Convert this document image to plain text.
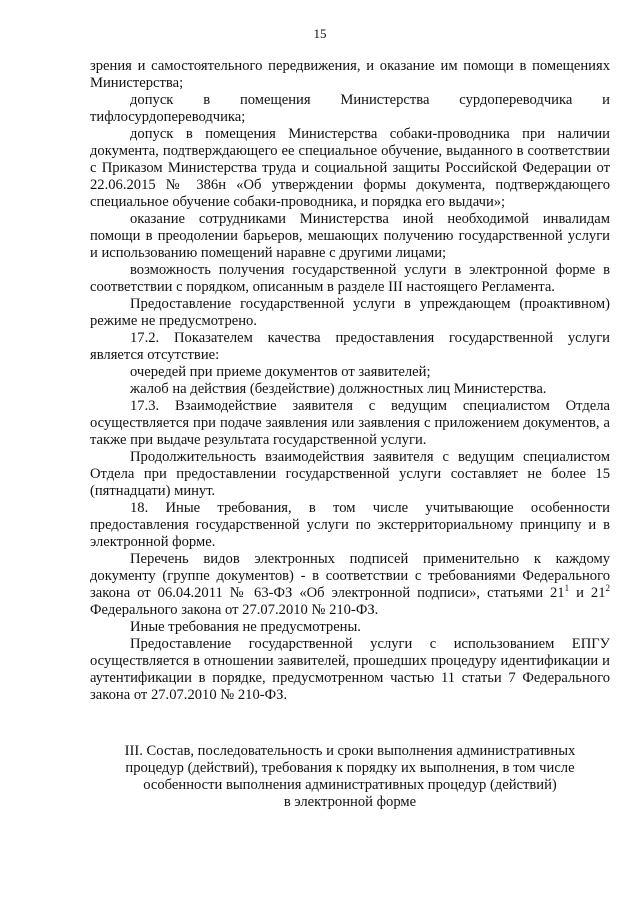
15

зрения и самостоятельного передвижения, и оказание им помощи в помещениях Министерства;

допуск в помещения Министерства сурдопереводчика и тифлосурдопереводчика;

допуск в помещения Министерства собаки-проводника при наличии документа, подтверждающего ее специальное обучение, выданного в соответствии с Приказом Министерства труда и социальной защиты Российской Федерации от 22.06.2015 № 386н «Об утверждении формы документа, подтверждающего специальное обучение собаки-проводника, и порядка его выдачи»;

оказание сотрудниками Министерства иной необходимой инвалидам помощи в преодолении барьеров, мешающих получению государственной услуги и использованию помещений наравне с другими лицами;

возможность получения государственной услуги в электронной форме в соответствии с порядком, описанным в разделе III настоящего Регламента.

Предоставление государственной услуги в упреждающем (проактивном) режиме не предусмотрено.

17.2. Показателем качества предоставления государственной услуги является отсутствие:

очередей при приеме документов от заявителей;

жалоб на действия (бездействие) должностных лиц Министерства.

17.3. Взаимодействие заявителя с ведущим специалистом Отдела осуществляется при подаче заявления или заявления с приложением документов, а также при выдаче результата государственной услуги.

Продолжительность взаимодействия заявителя с ведущим специалистом Отдела при предоставлении государственной услуги составляет не более 15 (пятнадцати) минут.

18. Иные требования, в том числе учитывающие особенности предоставления государственной услуги по экстерриториальному принципу и в электронной форме.

Перечень видов электронных подписей применительно к каждому документу (группе документов) - в соответствии с требованиями Федерального закона от 06.04.2011 № 63-ФЗ «Об электронной подписи», статьями $21^1$ и $21^2$ Федерального закона от 27.07.2010 № 210-ФЗ.

Иные требования не предусмотрены.

Предоставление государственной услуги с использованием ЕПГУ осуществляется в отношении заявителей, прошедших процедуру идентификации и аутентификации в порядке, предусмотренном частью 11 статьи 7 Федерального закона от 27.07.2010 № 210-ФЗ.

III. Состав, последовательность и сроки выполнения административных
процедур (действий), требования к порядку их выполнения, в том числе
особенности выполнения административных процедур (действий)
в электронной форме
